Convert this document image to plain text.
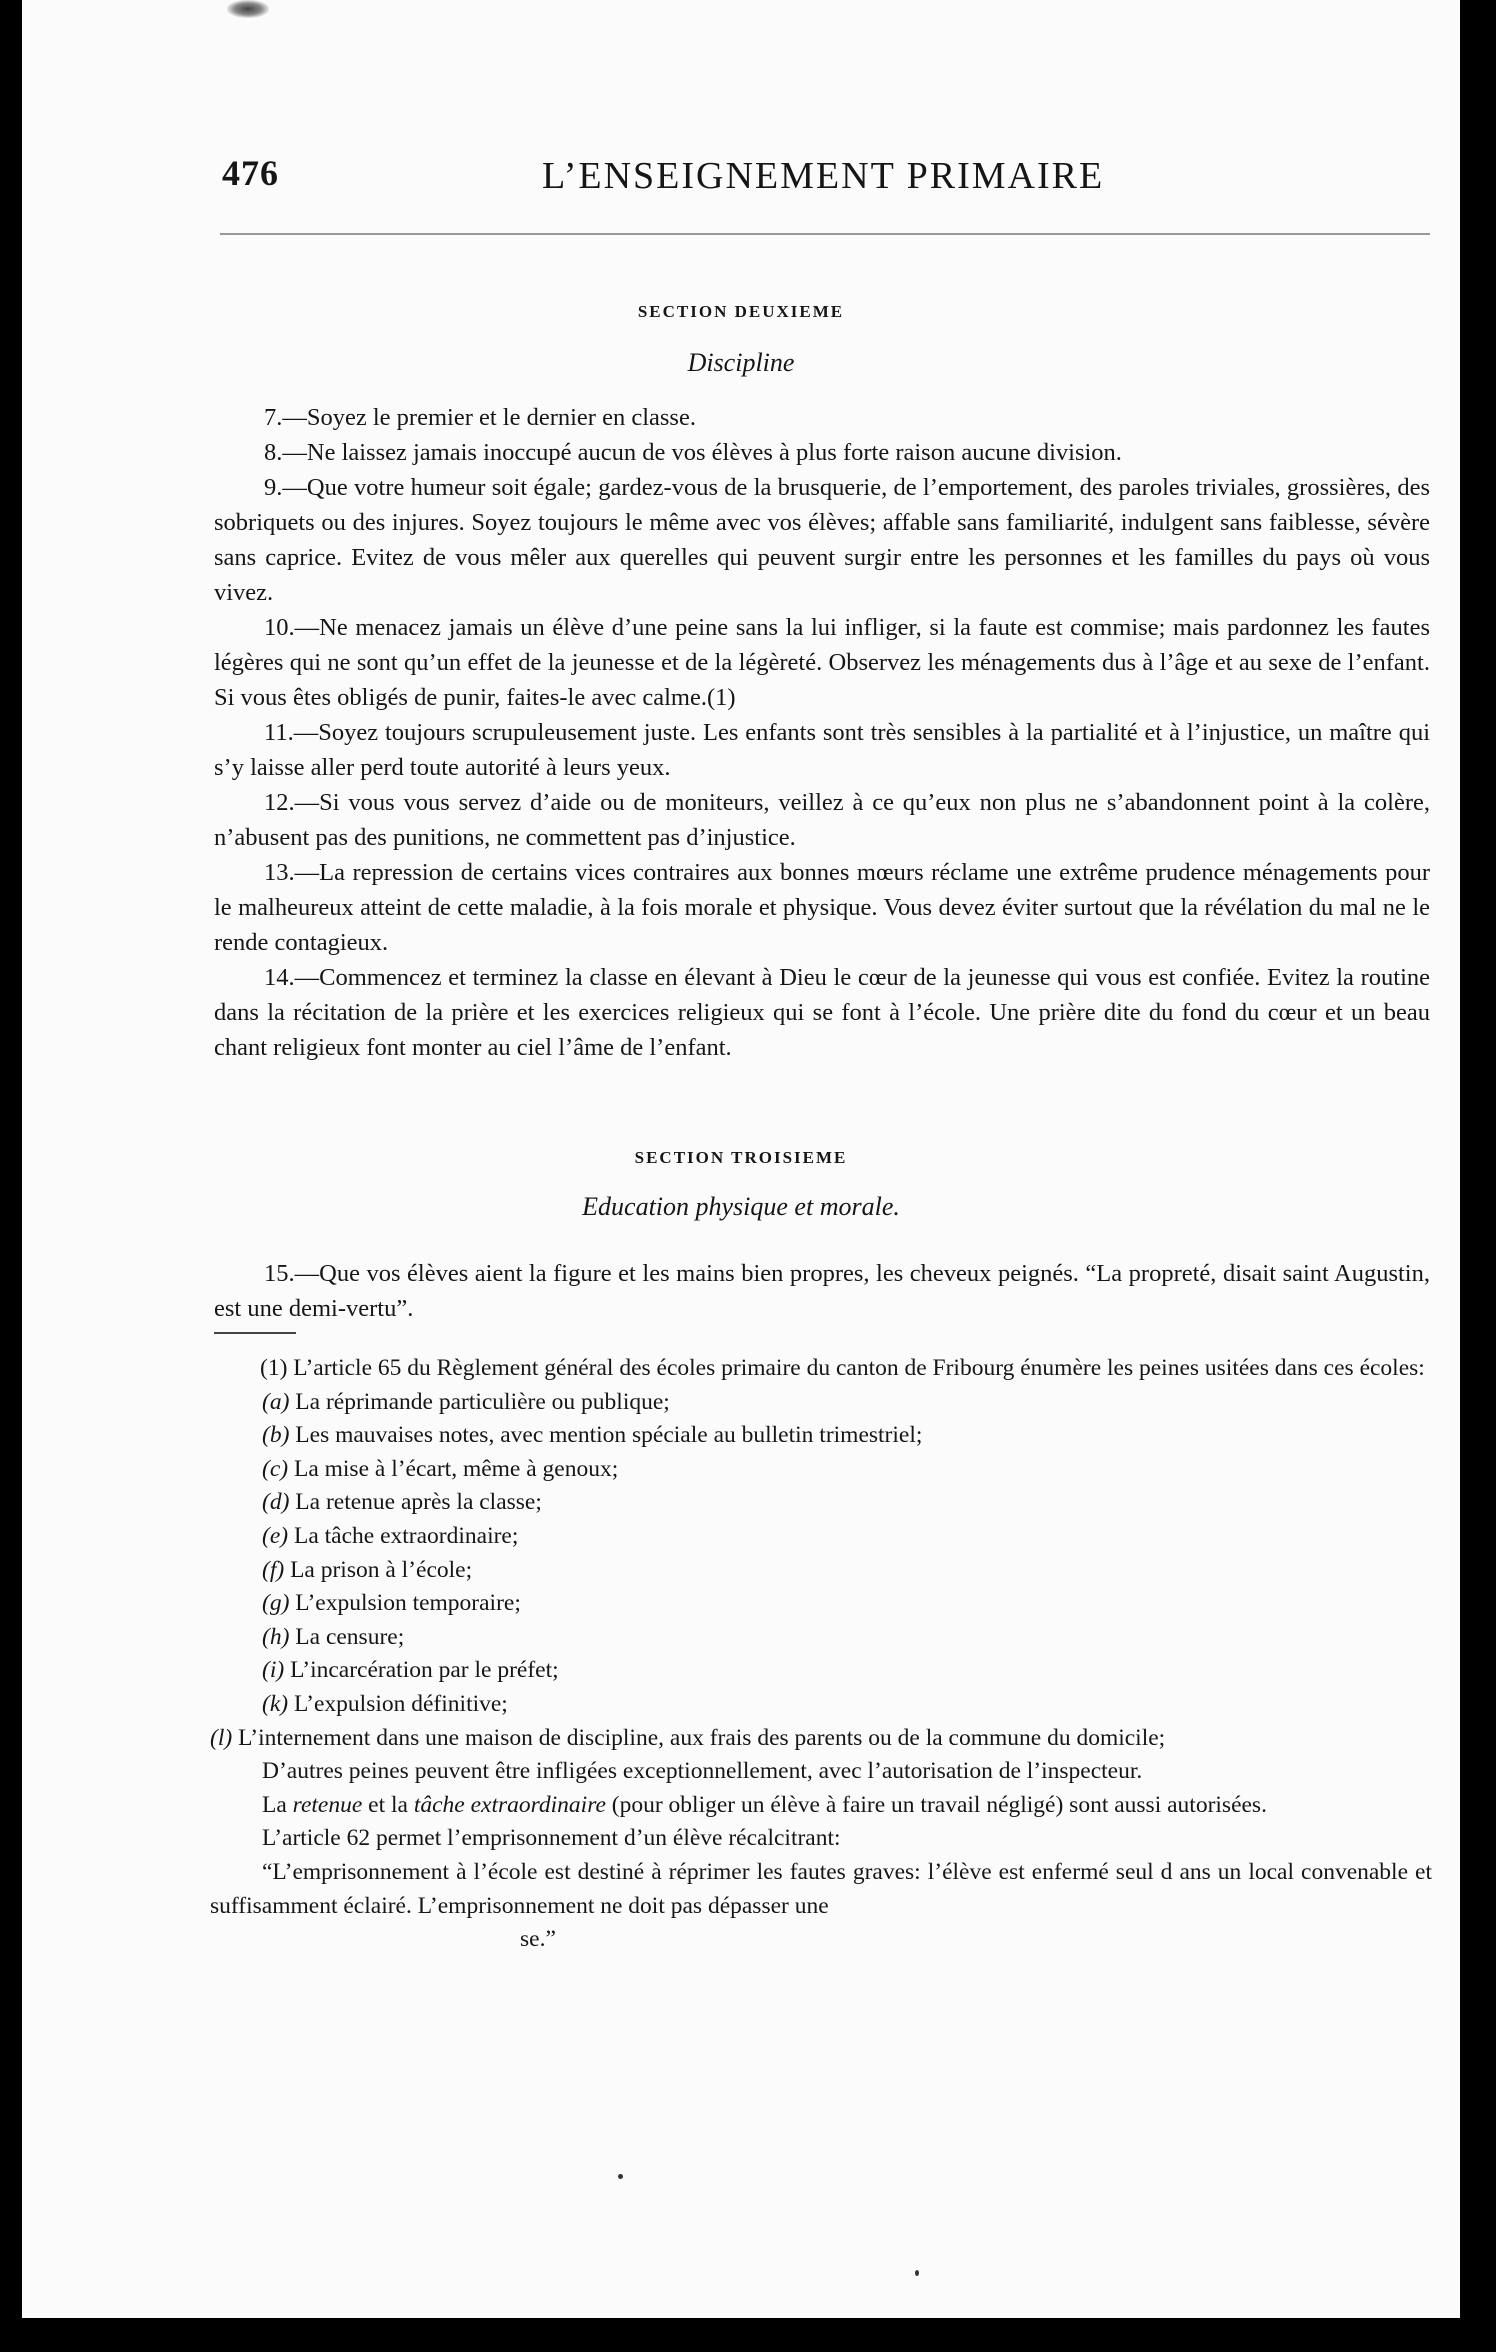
476	L’ENSEIGNEMENT PRIMAIRE
SECTION DEUXIEME
Discipline

7.—Soyez le premier et le dernier en classe.

8.—Ne laissez jamais inoccupé aucun de vos élèves à plus forte raison aucune division.

9.—Que votre humeur soit égale; gardez-vous de la brusquerie, de l’emportement, des paroles triviales, grossières, des sobriquets ou des injures. Soyez toujours le même avec vos élèves; affable sans familiarité, indulgent sans faiblesse, sévère sans caprice. Evitez de vous mêler aux querelles qui peuvent surgir entre les personnes et les familles du pays où vous vivez.

10.—Ne menacez jamais un élève d’une peine sans la lui infliger, si la faute est commise; mais pardonnez les fautes légères qui ne sont qu’un effet de la jeunesse et de la légèreté. Observez les ménagements dus à l’âge et au sexe de l’enfant. Si vous êtes obligés de punir, faites-le avec calme.(1)

11.—Soyez toujours scrupuleusement juste. Les enfants sont très sensibles à la partialité et à l’injustice, un maître qui s’y laisse aller perd toute autorité à leurs yeux.

12.—Si vous vous servez d’aide ou de moniteurs, veillez à ce qu’eux non plus ne s’abandonnent point à la colère, n’abusent pas des punitions, ne commettent pas d’injustice.

13.—La repression de certains vices contraires aux bonnes mœurs réclame une extrême prudence ménagements pour le malheureux atteint de cette maladie, à la fois morale et physique. Vous devez éviter surtout que la révélation du mal ne le rende contagieux.

14.—Commencez et terminez la classe en élevant à Dieu le cœur de la jeunesse qui vous est confiée. Evitez la routine dans la récitation de la prière et les exercices religieux qui se font à l’école. Une prière dite du fond du cœur et un beau chant religieux font monter au ciel l’âme de l’enfant.

SECTION TROISIEME
Education physique et morale.

15.—Que vos élèves aient la figure et les mains bien propres, les cheveux peignés. “La propreté, disait saint Augustin, est une demi-vertu”.

(1) L’article 65 du Règlement général des écoles primaire du canton de Fribourg énumère les peines usitées dans ces écoles:

(a) La réprimande particulière ou publique;
(b) Les mauvaises notes, avec mention spéciale au bulletin trimestriel;
(c) La mise à l’écart, même à genoux;
(d) La retenue après la classe;
(e) La tâche extraordinaire;
(f) La prison à l’école;
(g) L’expulsion temporaire;
(h) La censure;
(i) L’incarcération par le préfet;
(k) L’expulsion définitive;
(l) L’internement dans une maison de discipline, aux frais des parents ou de la commune du domicile;

D’autres peines peuvent être infligées exceptionnellement, avec l’autorisation de l’inspecteur.

La retenue et la tâche extraordinaire (pour obliger un élève à faire un travail négligé) sont aussi autorisées.

L’article 62 permet l’emprisonnement d’un élève récalcitrant:

“L’emprisonnement à l’école est destiné à réprimer les fautes graves: l’élève est enfermé seul d ans un local convenable et suffisamment éclairé. L’emprisonnement ne doit pas dépasser une

se.”
